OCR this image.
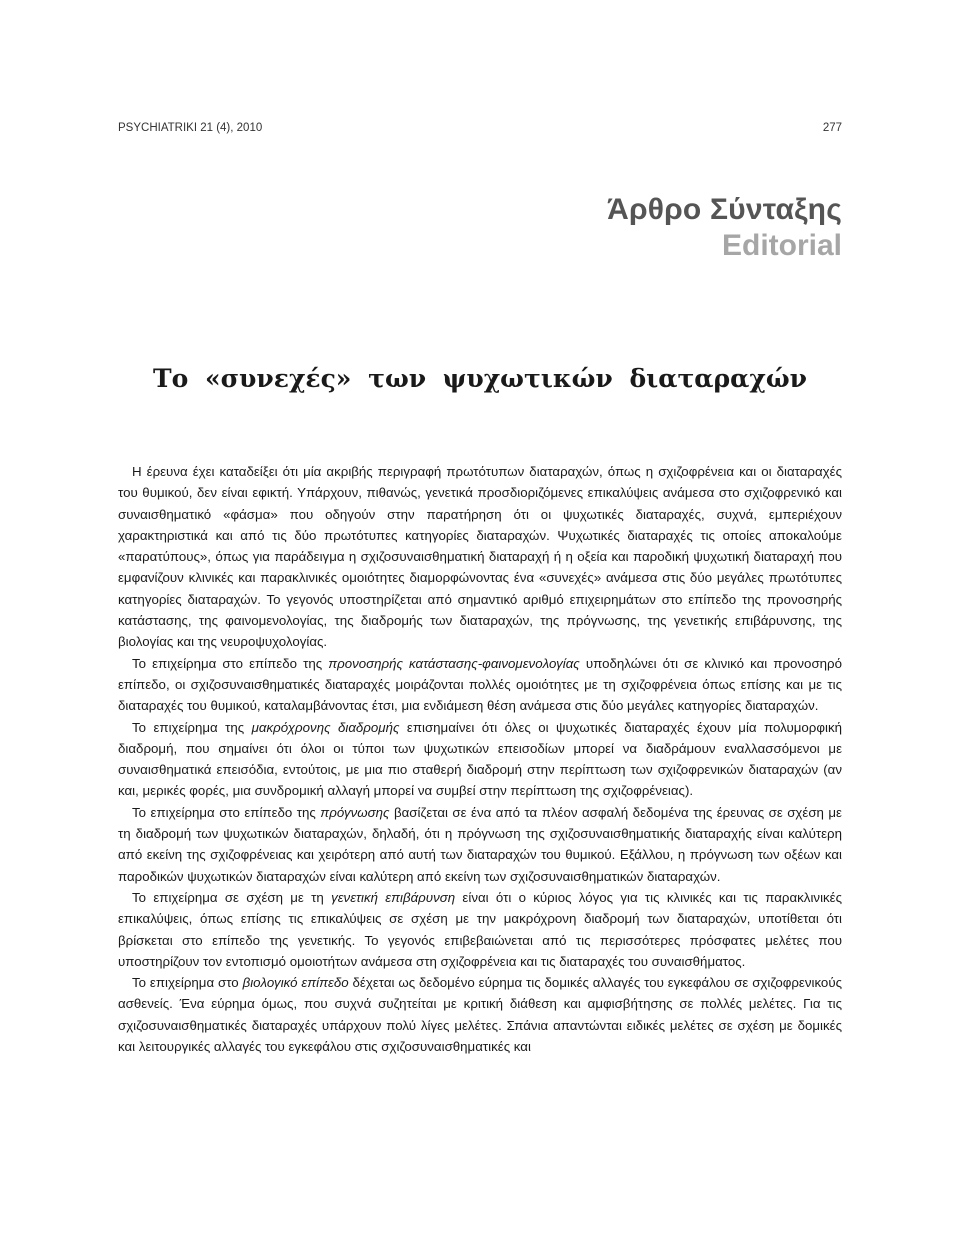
PSYCHIATRIKI 21 (4), 2010	277
Άρθρο Σύνταξης
Editorial
Το «συνεχές» των ψυχωτικών διαταραχών

Η έρευνα έχει καταδείξει ότι μία ακριβής περιγραφή πρωτότυπων διαταραχών, όπως η σχιζοφρένεια και οι διαταραχές του θυμικού, δεν είναι εφικτή. Υπάρχουν, πιθανώς, γενετικά προσδιοριζόμενες επικαλύψεις ανάμεσα στο σχιζοφρενικό και συναισθηματικό «φάσμα» που οδηγούν στην παρατήρηση ότι οι ψυχωτικές διαταραχές, συχνά, εμπεριέχουν χαρακτηριστικά και από τις δύο πρωτότυπες κατηγορίες διαταραχών. Ψυχωτικές διαταραχές τις οποίες αποκαλούμε «παρατύπους», όπως για παράδειγμα η σχιζοσυναισθηματική διαταραχή ή η οξεία και παροδική ψυχωτική διαταραχή που εμφανίζουν κλινικές και παρακλινικές ομοιότητες διαμορφώνοντας ένα «συνεχές» ανάμεσα στις δύο μεγάλες πρωτότυπες κατηγορίες διαταραχών. Το γεγονός υποστηρίζεται από σημαντικό αριθμό επιχειρημάτων στο επίπεδο της προνοσηρής κατάστασης, της φαινομενολογίας, της διαδρομής των διαταραχών, της πρόγνωσης, της γενετικής επιβάρυνσης, της βιολογίας και της νευροψυχολογίας.

Το επιχείρημα στο επίπεδο της προνοσηρής κατάστασης-φαινομενολογίας υποδηλώνει ότι σε κλινικό και προνοσηρό επίπεδο, οι σχιζοσυναισθηματικές διαταραχές μοιράζονται πολλές ομοιότητες με τη σχιζοφρένεια όπως επίσης και με τις διαταραχές του θυμικού, καταλαμβάνοντας έτσι, μια ενδιάμεση θέση ανάμεσα στις δύο μεγάλες κατηγορίες διαταραχών.

Το επιχείρημα της μακρόχρονης διαδρομής επισημαίνει ότι όλες οι ψυχωτικές διαταραχές έχουν μία πολυμορφική διαδρομή, που σημαίνει ότι όλοι οι τύποι των ψυχωτικών επεισοδίων μπορεί να διαδράμουν εναλλασσόμενοι με συναισθηματικά επεισόδια, εντούτοις, με μια πιο σταθερή διαδρομή στην περίπτωση των σχιζοφρενικών διαταραχών (αν και, μερικές φορές, μια συνδρομική αλλαγή μπορεί να συμβεί στην περίπτωση της σχιζοφρένειας).

Το επιχείρημα στο επίπεδο της πρόγνωσης βασίζεται σε ένα από τα πλέον ασφαλή δεδομένα της έρευνας σε σχέση με τη διαδρομή των ψυχωτικών διαταραχών, δηλαδή, ότι η πρόγνωση της σχιζοσυναισθηματικής διαταραχής είναι καλύτερη από εκείνη της σχιζοφρένειας και χειρότερη από αυτή των διαταραχών του θυμικού. Εξάλλου, η πρόγνωση των οξέων και παροδικών ψυχωτικών διαταραχών είναι καλύτερη από εκείνη των σχιζοσυναισθηματικών διαταραχών.

Το επιχείρημα σε σχέση με τη γενετική επιβάρυνση είναι ότι ο κύριος λόγος για τις κλινικές και τις παρακλινικές επικαλύψεις, όπως επίσης τις επικαλύψεις σε σχέση με την μακρόχρονη διαδρομή των διαταραχών, υποτίθεται ότι βρίσκεται στο επίπεδο της γενετικής. Το γεγονός επιβεβαιώνεται από τις περισσότερες πρόσφατες μελέτες που υποστηρίζουν τον εντοπισμό ομοιοτήτων ανάμεσα στη σχιζοφρένεια και τις διαταραχές του συναισθήματος.

Το επιχείρημα στο βιολογικό επίπεδο δέχεται ως δεδομένο εύρημα τις δομικές αλλαγές του εγκεφάλου σε σχιζοφρενικούς ασθενείς. Ένα εύρημα όμως, που συχνά συζητείται με κριτική διάθεση και αμφισβήτησης σε πολλές μελέτες. Για τις σχιζοσυναισθηματικές διαταραχές υπάρχουν πολύ λίγες μελέτες. Σπάνια απαντώνται ειδικές μελέτες σε σχέση με δομικές και λειτουργικές αλλαγές του εγκεφάλου στις σχιζοσυναισθηματικές και
